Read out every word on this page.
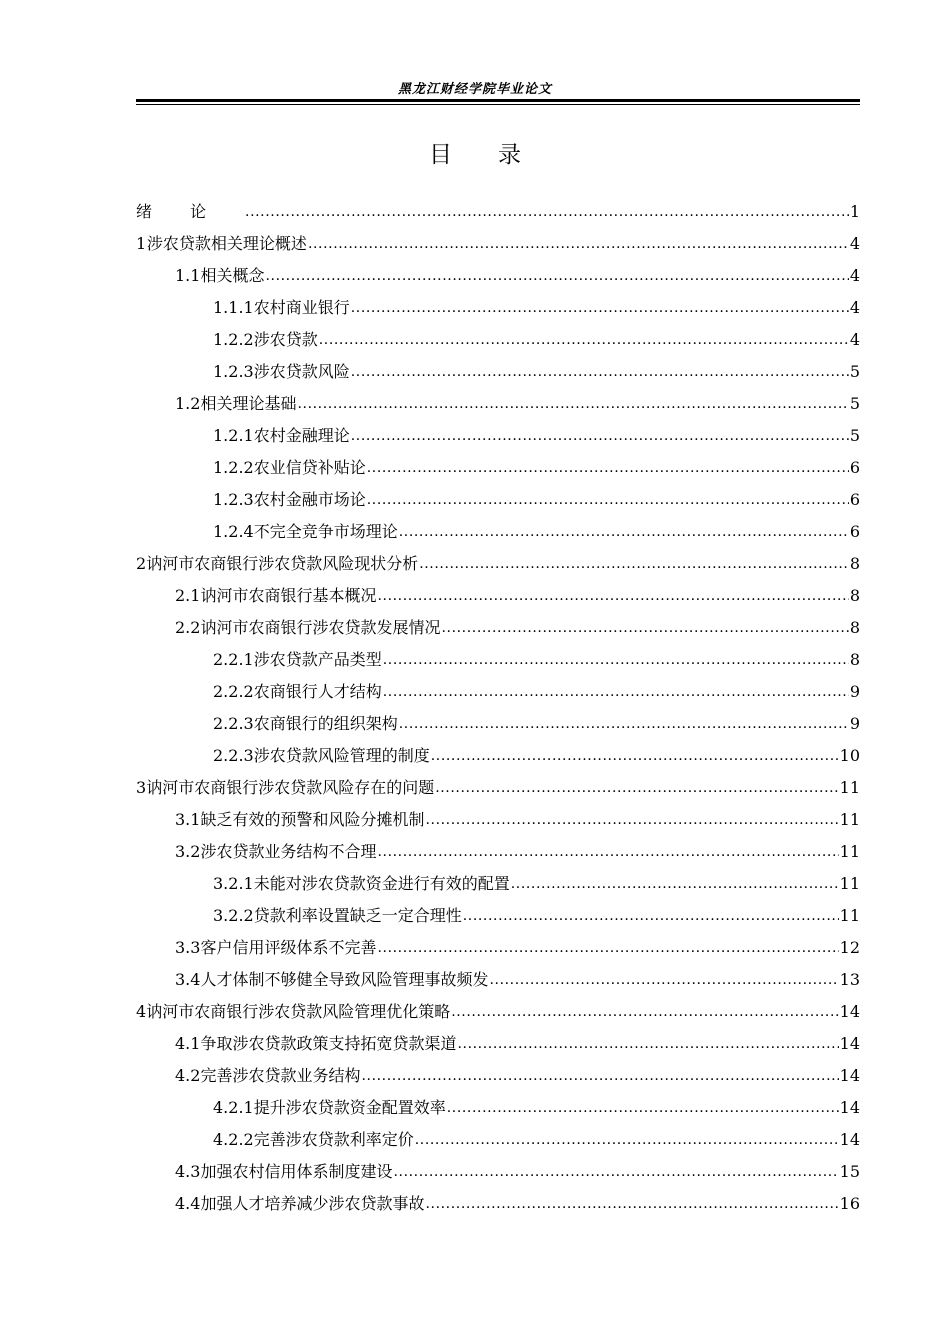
黑龙江财经学院毕业论文
目录
绪论 .....	1
1 涉农贷款相关理论概述 .....	4
1.1 相关概念 .....	4
1.1.1 农村商业银行 .....	4
1.2.2 涉农贷款 .....	4
1.2.3 涉农贷款风险 .....	5
1.2 相关理论基础 .....	5
1.2.1 农村金融理论 .....	5
1.2.2 农业信贷补贴论 .....	6
1.2.3 农村金融市场论 .....	6
1.2.4 不完全竞争市场理论 .....	6
2 讷河市农商银行涉农贷款风险现状分析 .....	8
2.1 讷河市农商银行基本概况 .....	8
2.2 讷河市农商银行涉农贷款发展情况 .....	8
2.2.1 涉农贷款产品类型 .....	8
2.2.2 农商银行人才结构 .....	9
2.2.3 农商银行的组织架构 .....	9
2.2.3 涉农贷款风险管理的制度 .....	10
3 讷河市农商银行涉农贷款风险存在的问题 .....	11
3.1 缺乏有效的预警和风险分摊机制 .....	11
3.2 涉农贷款业务结构不合理 .....	11
3.2.1 未能对涉农贷款资金进行有效的配置 .....	11
3.2.2 贷款利率设置缺乏一定合理性 .....	11
3.3 客户信用评级体系不完善 .....	12
3.4 人才体制不够健全导致风险管理事故频发 .....	13
4 讷河市农商银行涉农贷款风险管理优化策略 .....	14
4.1 争取涉农贷款政策支持拓宽贷款渠道 .....	14
4.2 完善涉农贷款业务结构 .....	14
4.2.1 提升涉农贷款资金配置效率 .....	14
4.2.2 完善涉农贷款利率定价 .....	14
4.3 加强农村信用体系制度建设 .....	15
4.4 加强人才培养减少涉农贷款事故 .....	16
